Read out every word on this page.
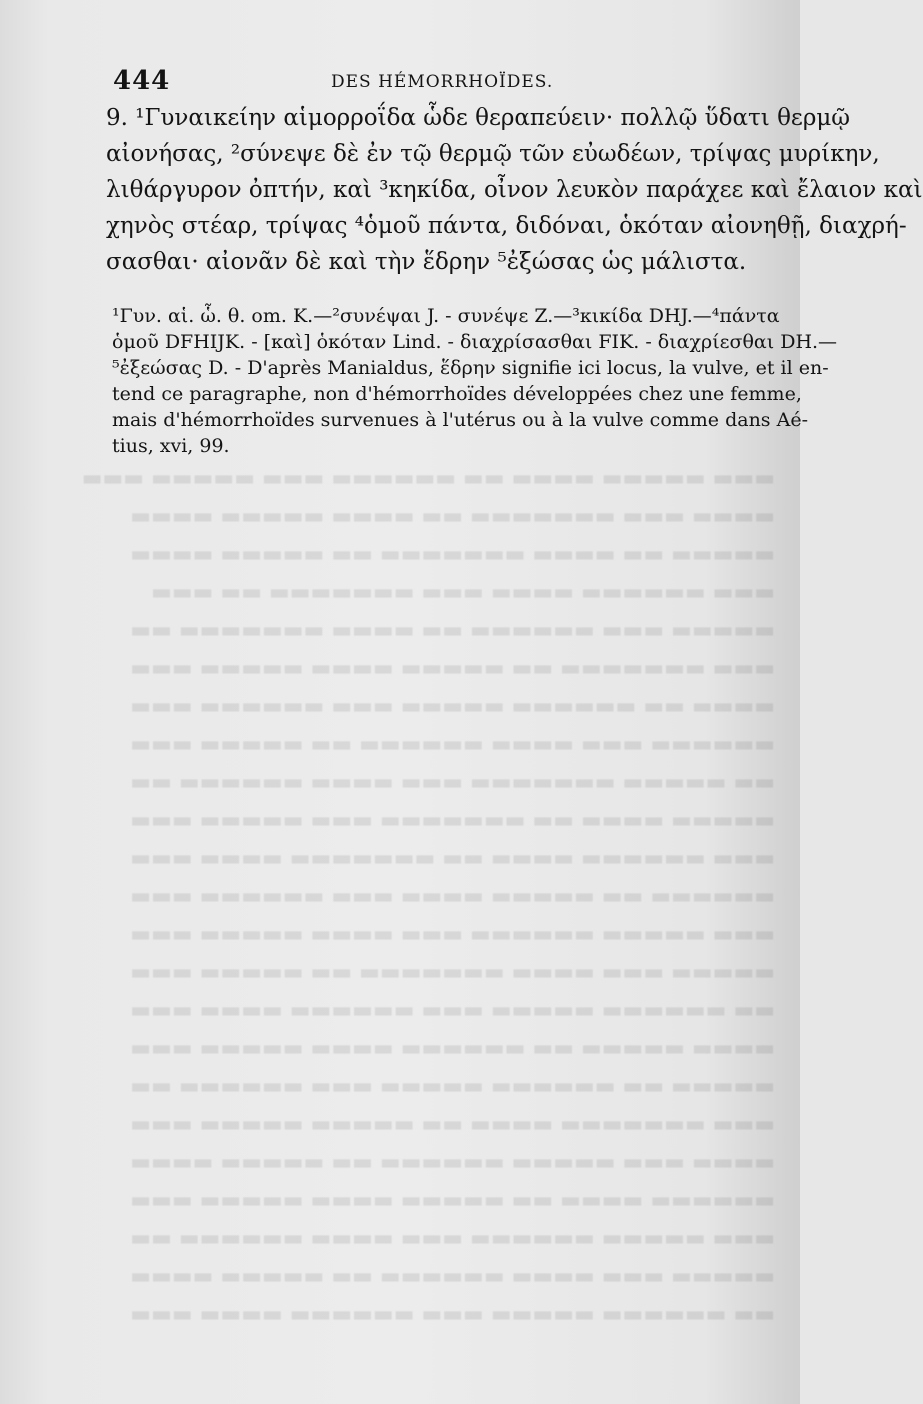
▬▬▬ ▬▬▬▬▬ ▬▬▬▬ ▬▬ ▬▬▬▬▬▬ ▬▬▬ ▬▬▬▬▬ ▬▬▬
▬▬▬▬ ▬▬▬ ▬▬▬▬▬▬▬ ▬▬ ▬▬▬▬ ▬▬▬▬▬ ▬▬▬▬
▬▬▬▬▬ ▬▬ ▬▬▬▬ ▬▬▬▬▬▬▬ ▬▬ ▬▬▬▬▬ ▬▬▬▬
▬▬▬ ▬▬▬▬▬▬ ▬▬▬▬ ▬▬▬ ▬▬▬▬▬▬▬ ▬▬ ▬▬▬
▬▬▬▬▬ ▬▬▬ ▬▬▬▬▬▬ ▬▬ ▬▬▬▬ ▬▬▬▬▬▬▬ ▬▬
▬▬▬ ▬▬▬▬▬▬▬ ▬▬ ▬▬▬▬▬ ▬▬▬▬ ▬▬▬▬▬ ▬▬▬
▬▬▬▬ ▬▬ ▬▬▬▬▬▬ ▬▬▬▬▬ ▬▬▬ ▬▬▬▬▬▬ ▬▬▬
▬▬▬▬▬▬ ▬▬▬ ▬▬▬▬ ▬▬▬▬▬▬ ▬▬ ▬▬▬▬▬ ▬▬▬
▬▬ ▬▬▬▬▬ ▬▬▬▬▬▬▬ ▬▬▬ ▬▬▬▬ ▬▬▬▬▬▬ ▬▬
▬▬▬▬▬ ▬▬▬▬ ▬▬ ▬▬▬▬▬▬▬ ▬▬▬ ▬▬▬▬▬ ▬▬▬
▬▬▬ ▬▬▬▬▬▬ ▬▬▬▬ ▬▬ ▬▬▬▬▬▬▬ ▬▬▬▬ ▬▬▬
▬▬▬▬▬▬ ▬▬ ▬▬▬▬▬ ▬▬▬▬ ▬▬▬ ▬▬▬▬▬▬ ▬▬▬
▬▬▬ ▬▬▬▬▬ ▬▬▬▬▬▬ ▬▬▬ ▬▬▬▬ ▬▬▬▬▬ ▬▬▬
▬▬▬▬▬ ▬▬▬ ▬▬▬▬ ▬▬▬▬▬▬▬ ▬▬ ▬▬▬▬▬ ▬▬▬
▬▬ ▬▬▬▬▬▬ ▬▬▬▬▬ ▬▬▬ ▬▬▬▬▬▬ ▬▬▬▬ ▬▬▬
▬▬▬▬ ▬▬▬▬▬ ▬▬ ▬▬▬▬▬▬ ▬▬▬▬ ▬▬▬▬▬ ▬▬▬
▬▬▬▬▬ ▬▬ ▬▬▬▬▬▬ ▬▬▬▬▬ ▬▬▬ ▬▬▬▬▬▬ ▬▬
▬▬▬ ▬▬▬▬▬▬▬ ▬▬▬▬ ▬▬ ▬▬▬▬▬ ▬▬▬▬▬ ▬▬▬
▬▬▬▬ ▬▬▬ ▬▬▬▬▬ ▬▬▬▬▬▬ ▬▬ ▬▬▬▬▬ ▬▬▬▬
▬▬▬▬▬▬ ▬▬▬▬ ▬▬ ▬▬▬▬▬ ▬▬▬▬ ▬▬▬▬▬ ▬▬▬
▬▬▬ ▬▬▬▬▬ ▬▬▬▬▬▬ ▬▬▬ ▬▬▬▬ ▬▬▬▬▬▬ ▬▬
▬▬▬▬▬ ▬▬▬ ▬▬▬▬ ▬▬▬▬▬▬ ▬▬ ▬▬▬▬▬ ▬▬▬▬
▬▬ ▬▬▬▬▬▬ ▬▬▬▬▬ ▬▬▬ ▬▬▬▬▬▬ ▬▬▬▬ ▬▬▬
444	DES HÉMORRHOÏDES.
9. ¹Γυναικείην αἱμορροΐδα ὧδε θεραπεύειν· πολλῷ ὕδατι θερμῷ
αἰονήσας, ²σύνεψε δὲ ἐν τῷ θερμῷ τῶν εὐωδέων, τρίψας μυρίκην,
λιθάργυρον ὀπτήν, καὶ ³κηκίδα, οἶνον λευκὸν παράχεε καὶ ἔλαιον καὶ
χηνὸς στέαρ, τρίψας ⁴ὁμοῦ πάντα, διδόναι, ὁκόταν αἰονηθῇ, διαχρή-
σασθαι· αἰονᾶν δὲ καὶ τὴν ἕδρην ⁵ἐξώσας ὡς μάλιστα.
¹Γυν. αἱ. ὧ. θ. om. K.—²συνέψαι J. - συνέψε Z.—³κικίδα DHJ.—⁴πάντα
ὁμοῦ DFHIJK. - [καὶ] ὁκόταν Lind. - διαχρίσασθαι FIK. - διαχρίεσθαι DH.—
⁵ἐξεώσας D. - D'après Manialdus, ἕδρην signifie ici locus, la vulve, et il en-
tend ce paragraphe, non d'hémorrhoïdes développées chez une femme,
mais d'hémorrhoïdes survenues à l'utérus ou à la vulve comme dans Aé-
tius, xvi, 99.
